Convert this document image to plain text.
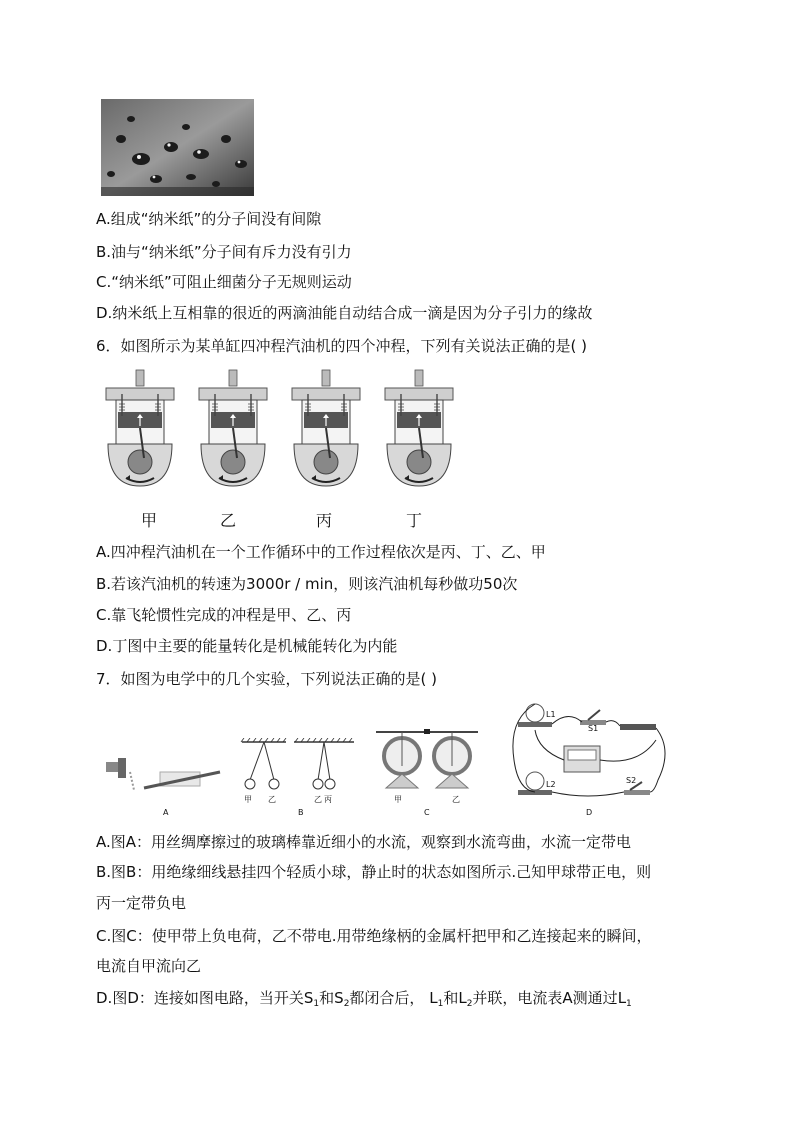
A.组成“纳米纸”的分子间没有间隙
B.油与“纳米纸”分子间有斥力没有引力
C.“纳米纸”可阻止细菌分子无规则运动
D.纳米纸上互相靠的很近的两滴油能自动结合成一滴是因为分子引力的缘故
6．如图所示为某单缸四冲程汽油机的四个冲程，下列有关说法正确的是( )
甲	乙	丙	丁
A.四冲程汽油机在一个工作循环中的工作过程依次是丙、丁、乙、甲
B.若该汽油机的转速为3000r / min，则该汽油机每秒做功50次
C.靠飞轮惯性完成的冲程是甲、乙、丙
D.丁图中主要的能量转化是机械能转化为内能
7．如图为电学中的几个实验，下列说法正确的是( )
A
甲 乙	乙 丙
B
甲	乙
C
L1
S1
L2	S2
D
A.图A：用丝绸摩擦过的玻璃棒靠近细小的水流，观察到水流弯曲，水流一定带电
B.图B：用绝缘细线悬挂四个轻质小球，静止时的状态如图所示.己知甲球带正电，则
丙一定带负电
C.图C：使甲带上负电荷，乙不带电.用带绝缘柄的金属杆把甲和乙连接起来的瞬间，
电流自甲流向乙
D.图D：连接如图电路，当开关$S_1$和$S_2$都闭合后， $L_1$和$L_2$并联，电流表A测通过$L_1$
